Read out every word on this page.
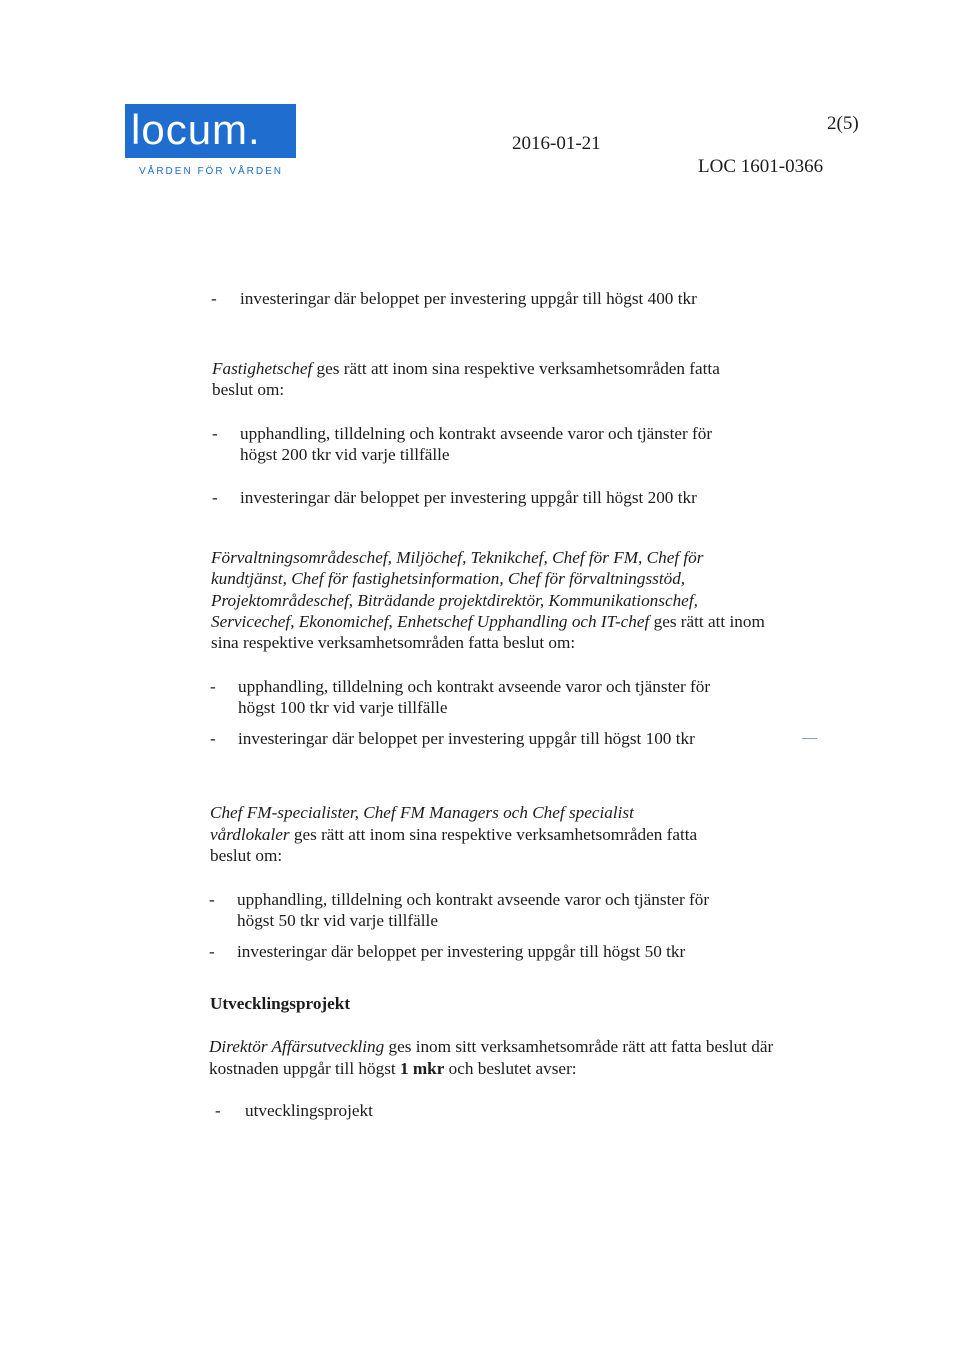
locum.
VÅRDEN FÖR VÅRDEN
2016-01-21
LOC 1601-0366
2(5)
- investeringar där beloppet per investering uppgår till högst 400 tkr
Fastighetschef ges rätt att inom sina respektive verksamhetsområden fatta
beslut om:
- upphandling, tilldelning och kontrakt avseende varor och tjänster för
högst 200 tkr vid varje tillfälle
- investeringar där beloppet per investering uppgår till högst 200 tkr
Förvaltningsområdeschef, Miljöchef, Teknikchef, Chef för FM, Chef för
kundtjänst, Chef för fastighetsinformation, Chef för förvaltningsstöd,
Projektområdeschef, Biträdande projektdirektör, Kommunikationschef,
Servicechef, Ekonomichef, Enhetschef Upphandling och IT-chef ges rätt att inom
sina respektive verksamhetsområden fatta beslut om:
- upphandling, tilldelning och kontrakt avseende varor och tjänster för
högst 100 tkr vid varje tillfälle
- investeringar där beloppet per investering uppgår till högst 100 tkr
Chef FM-specialister, Chef FM Managers och Chef specialist
vårdlokaler ges rätt att inom sina respektive verksamhetsområden fatta
beslut om:
- upphandling, tilldelning och kontrakt avseende varor och tjänster för
högst 50 tkr vid varje tillfälle
- investeringar där beloppet per investering uppgår till högst 50 tkr
Utvecklingsprojekt
Direktör Affärsutveckling ges inom sitt verksamhetsområde rätt att fatta beslut där
kostnaden uppgår till högst 1 mkr och beslutet avser:
- utvecklingsprojekt
